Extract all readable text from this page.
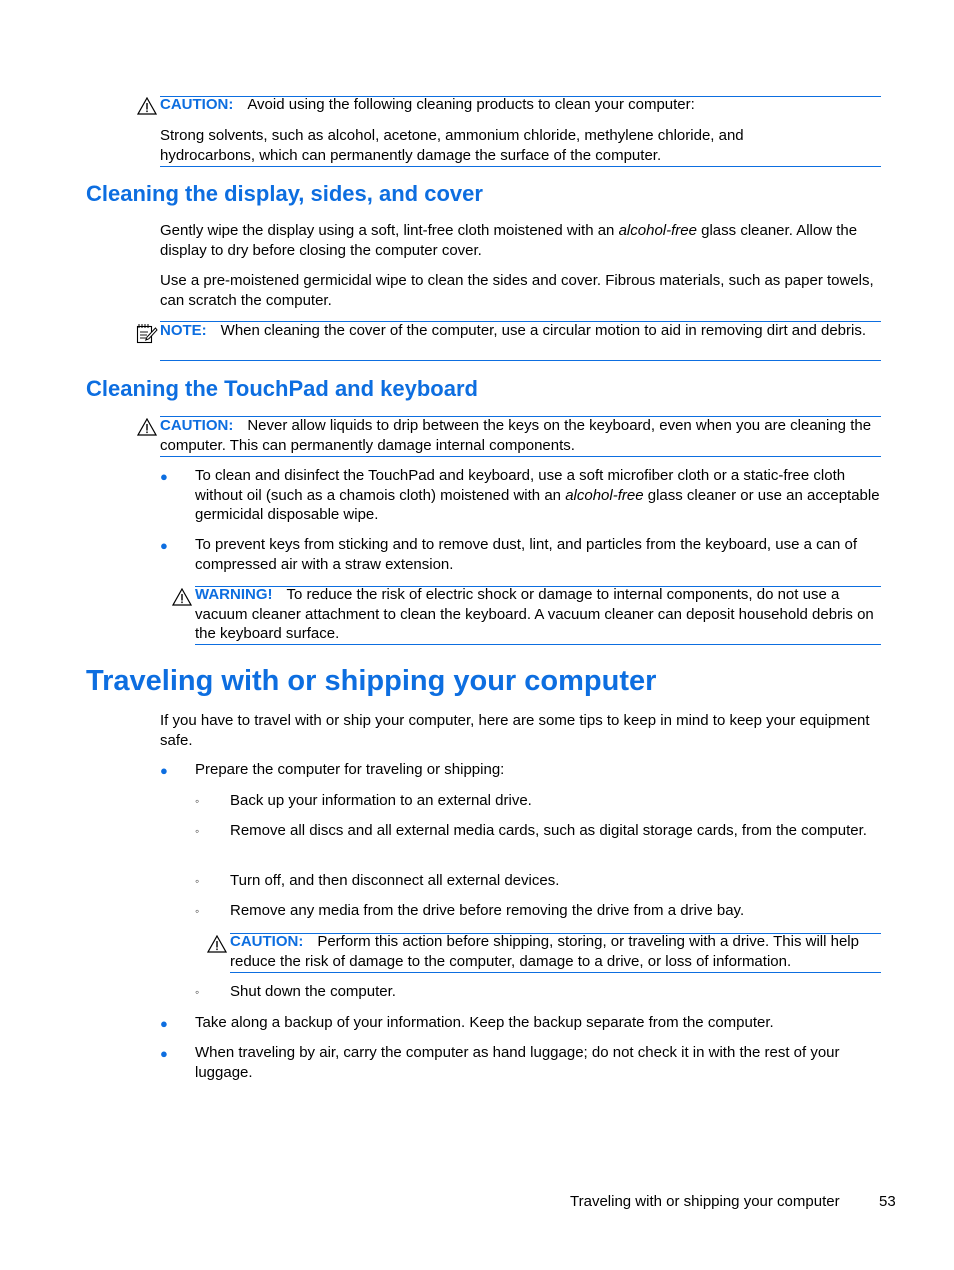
CAUTION: Avoid using the following cleaning products to clean your computer:
Strong solvents, such as alcohol, acetone, ammonium chloride, methylene chloride, and hydrocarbons, which can permanently damage the surface of the computer.
Cleaning the display, sides, and cover
Gently wipe the display using a soft, lint-free cloth moistened with an alcohol-free glass cleaner. Allow the display to dry before closing the computer cover.
Use a pre-moistened germicidal wipe to clean the sides and cover. Fibrous materials, such as paper towels, can scratch the computer.
NOTE: When cleaning the cover of the computer, use a circular motion to aid in removing dirt and debris.
Cleaning the TouchPad and keyboard
CAUTION: Never allow liquids to drip between the keys on the keyboard, even when you are cleaning the computer. This can permanently damage internal components.
● To clean and disinfect the TouchPad and keyboard, use a soft microfiber cloth or a static-free cloth without oil (such as a chamois cloth) moistened with an alcohol-free glass cleaner or use an acceptable germicidal disposable wipe.
● To prevent keys from sticking and to remove dust, lint, and particles from the keyboard, use a can of compressed air with a straw extension.
WARNING! To reduce the risk of electric shock or damage to internal components, do not use a vacuum cleaner attachment to clean the keyboard. A vacuum cleaner can deposit household debris on the keyboard surface.
Traveling with or shipping your computer
If you have to travel with or ship your computer, here are some tips to keep in mind to keep your equipment safe.
● Prepare the computer for traveling or shipping:
◦ Back up your information to an external drive.
◦ Remove all discs and all external media cards, such as digital storage cards, from the computer.
◦ Turn off, and then disconnect all external devices.
◦ Remove any media from the drive before removing the drive from a drive bay.
CAUTION: Perform this action before shipping, storing, or traveling with a drive. This will help reduce the risk of damage to the computer, damage to a drive, or loss of information.
◦ Shut down the computer.
● Take along a backup of your information. Keep the backup separate from the computer.
● When traveling by air, carry the computer as hand luggage; do not check it in with the rest of your luggage.
Traveling with or shipping your computer	53
